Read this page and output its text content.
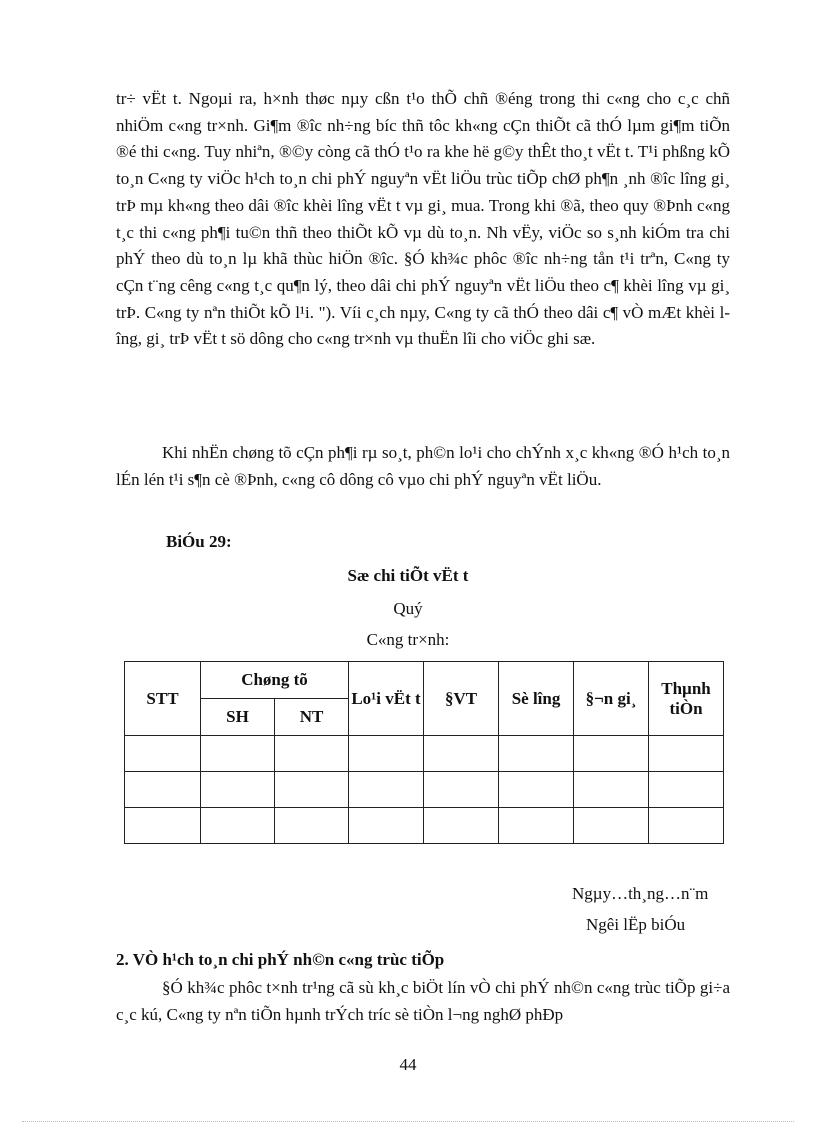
tr÷ vËt t. Ngoµi ra, h×nh thøc nµy cßn t¹o thÕ chñ ®éng trong thi c«ng cho c¸c chñ nhiÖm c«ng tr×nh. Gi¶m ®îc nh÷ng bíc thñ tôc kh«ng cÇn thiÕt cã thÓ lµm gi¶m tiÕn ®é thi c«ng. Tuy nhiªn, ®©y còng cã thÓ t¹o ra khe hë g©y thÊt tho¸t vËt t. T¹i phßng kÕ to¸n C«ng ty viÖc h¹ch to¸n chi phÝ nguyªn vËt liÖu trùc tiÕp chØ ph¶n ¸nh ®îc lîng gi¸ trÞ mµ kh«ng theo dâi ®îc khèi lîng vËt t vµ gi¸ mua. Trong khi ®ã, theo quy ®Þnh c«ng t¸c thi c«ng ph¶i tu©n thñ theo thiÕt kÕ vµ dù to¸n. Nh vËy, viÖc so s¸nh kiÓm tra chi phÝ theo dù to¸n lµ khã thùc hiÖn ®îc. §Ó kh¾c phôc ®îc nh÷ng tån t¹i trªn, C«ng ty cÇn t¨ng cêng c«ng t¸c qu¶n lý, theo dâi chi phÝ nguyªn vËt liÖu theo c¶ khèi lîng vµ gi¸ trÞ. C«ng ty nªn thiÕt kÕ l¹i. "). Víi c¸ch nµy, C«ng ty cã thÓ theo dâi c¶ vÒ mÆt khèi lîng, gi¸ trÞ vËt t sö dông cho c«ng tr×nh vµ thuËn lîi cho viÖc ghi sæ.

Khi nhËn chøng tõ cÇn ph¶i rµ so¸t, ph©n lo¹i cho chÝnh x¸c kh«ng ®Ó h¹ch to¸n lÉn lén t¹i s¶n cè ®Þnh, c«ng cô dông cô vµo chi phÝ nguyªn vËt liÖu.

BiÓu 29:
Sæ chi tiÕt vËt t
Quý
C«ng tr×nh:
STT	Chøng tõ		Lo¹i vËt t	§VT	Sè lîng	§¬n gi¸	Thµnh tiÒn
	SH	NT					

Ngµy…th¸ng…n¨m
Ngêi lËp biÓu
2. VÒ h¹ch to¸n chi phÝ nh©n c«ng trùc tiÕp

§Ó kh¾c phôc t×nh tr¹ng cã sù kh¸c biÖt lín vÒ chi phÝ nh©n c«ng trùc tiÕp gi÷a c¸c kú, C«ng ty nªn tiÕn hµnh trÝch tríc sè tiÒn l¬ng nghØ phÐp

44
